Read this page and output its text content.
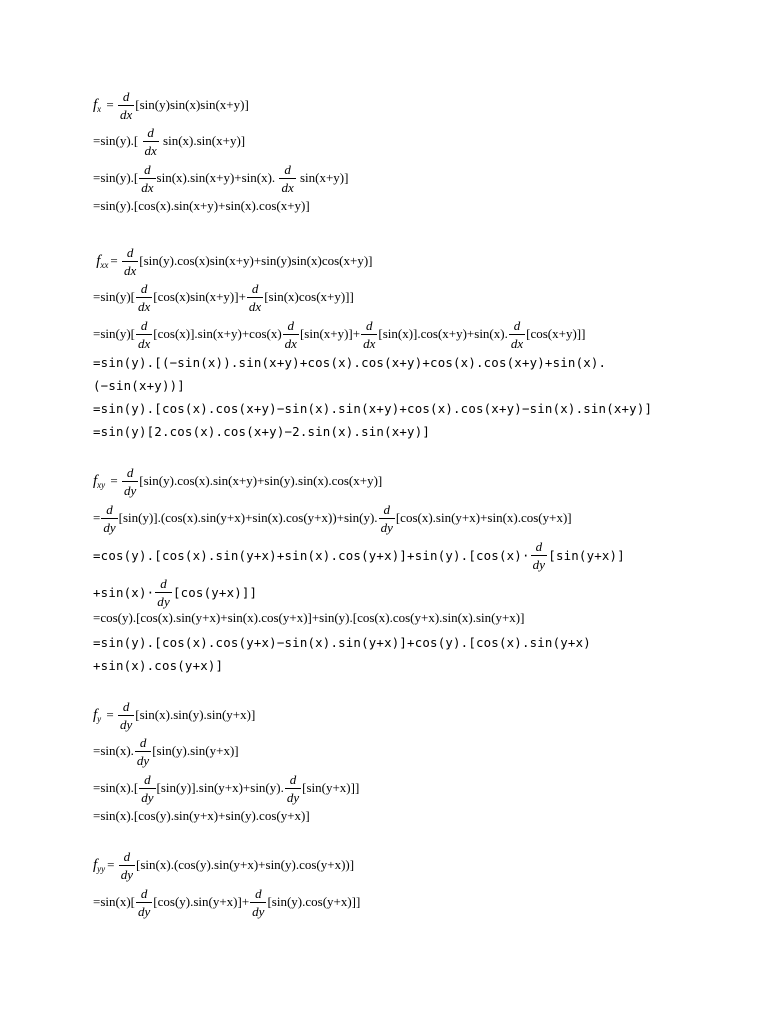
f $x = \frac{d}{dx} [\sin(y)\sin(x)\sin(x+y)]$
$=\sin(y).[ \frac{d}{dx} \sin(x).\sin(x+y)]$
$=\sin(y).[ \frac{d}{dx} \sin(x).\sin(x+y)+\sin(x)$. $\frac{d}{dx} \sin(x+y)$]
=sin(y).[cos(x).sin(x+y)+sin(x).cos(x+y)]

f xx = $\frac{d}{dx} [\sin(y).\cos(x)\sin(x+y)+\sin(y)\sin(x)\cos(x+y)]$
$=\sin(y)[ \frac{d}{dx} [\cos(x)\sin(x+y)]+ \frac{d}{dx} [\sin(x)\cos(x+y)]]$
$=\sin(y)[ \frac{d}{dx} [\cos(x)].\sin(x+y)+\cos(x) \frac{d}{dx} [\sin(x+y)]+ \frac{d}{dx} [\sin(x)].\cos(x+y)+\sin(x)$. $\frac{d}{dx} [\cos(x+y)]$]
=sin(y).[(−sin(x)).sin(x+y)+cos(x).cos(x+y)+cos(x).cos(x+y)+sin(x).
(−sin(x+y))]
=sin(y).[cos(x).cos(x+y)−sin(x).sin(x+y)+cos(x).cos(x+y)−sin(x).sin(x+y)]
=sin(y)[2.cos(x).cos(x+y)−2.sin(x).sin(x+y)]
f xy = $\frac{d}{dy} [\sin(y).\cos(x).\sin(x+y)+\sin(y).\sin(x).\cos(x+y)]$
= $\frac{d}{dy} [\sin(y)].(\cos(x).\sin(y+x)+\sin(x).\cos(y+x))+\sin(y)$. $\frac{d}{dy} [\cos(x).\sin(y+x)+\sin(x).\cos(y+x)]$
$=\cos(y).[\cos(x).\sin(y+x)+\sin(x).\cos(y+x)]+\sin(y).[\cos(x)\cdot \frac{d}{dy} [\sin(y+x)]$
$+\sin(x)\cdot \frac{d}{dy} [\cos(y+x)]$]
=cos(y).[cos(x).sin(y+x)+sin(x).cos(y+x)]+sin(y).[cos(x).cos(y+x).sin(x).sin(y+x)]
=sin(y).[cos(x).cos(y+x)−sin(x).sin(y+x)]+cos(y).[cos(x).sin(y+x)
+sin(x).cos(y+x)]
f $y = \frac{d}{dy} [\sin(x).\sin(y).\sin(y+x)]$
=sin(x). $\frac{d}{dy} [\sin(y).\sin(y+x)]$
$=\sin(x).[ \frac{d}{dy} [\sin(y)].\sin(y+x)+\sin(y)$. $\frac{d}{dy} [\sin(y+x)]$]
=sin(x).[cos(y).sin(y+x)+sin(y).cos(y+x)]
f yy = $\frac{d}{dy} [\sin(x).(\cos(y).\sin(y+x)+\sin(y).\cos(y+x))]$
$=\sin(x)[ \frac{d}{dy} [\cos(y).\sin(y+x)]+ \frac{d}{dy} [\sin(y).\cos(y+x)]]$
